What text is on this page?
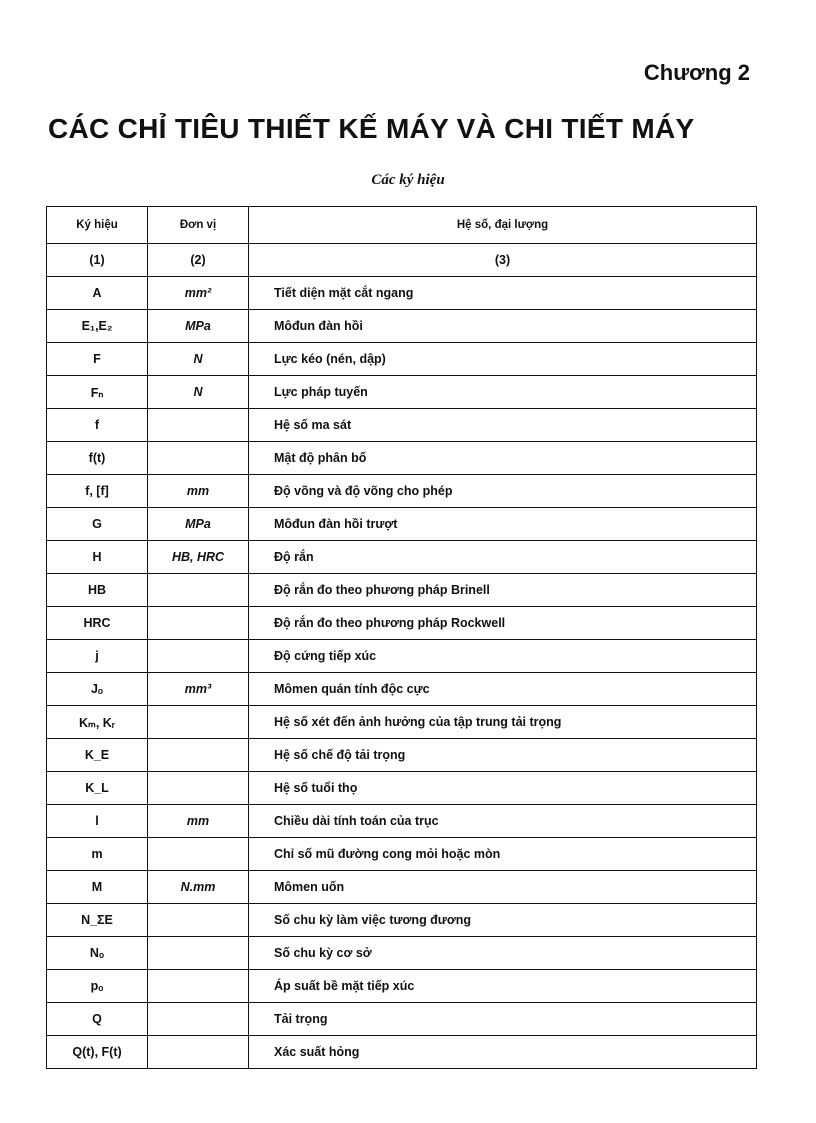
Chương 2
CÁC CHỈ TIÊU THIẾT KẾ MÁY VÀ CHI TIẾT MÁY
Các ký hiệu
Ký hiệu	Đơn vị	Hệ số, đại lượng
(1)	(2)	(3)
A	mm²	Tiết diện mặt cắt ngang
E₁,E₂	MPa	Môđun đàn hồi
F	N	Lực kéo (nén, dập)
Fₙ	N	Lực pháp tuyến
f		Hệ số ma sát
f(t)		Mật độ phân bố
f, [f]	mm	Độ võng và độ võng cho phép
G	MPa	Môđun đàn hồi trượt
H	HB, HRC	Độ rắn
HB		Độ rắn đo theo phương pháp Brinell
HRC		Độ rắn đo theo phương pháp Rockwell
j		Độ cứng tiếp xúc
Jₒ	mm³	Mômen quán tính độc cực
Kₘ, Kᵣ		Hệ số xét đến ảnh hưởng của tập trung tải trọng
K_E		Hệ số chế độ tải trọng
K_L		Hệ số tuổi thọ
l	mm	Chiều dài tính toán của trục
m		Chỉ số mũ đường cong mỏi hoặc mòn
M	N.mm	Mômen uốn
N_ΣE		Số chu kỳ làm việc tương đương
Nₒ		Số chu kỳ cơ sở
pₒ		Áp suất bề mặt tiếp xúc
Q		Tải trọng
Q(t), F(t)		Xác suất hỏng
